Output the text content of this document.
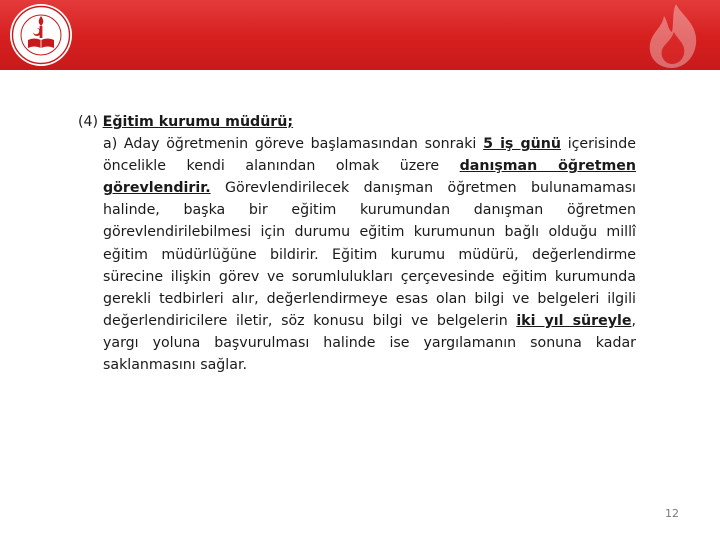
(4) Eğitim kurumu müdürü;

a) Aday öğretmenin göreve başlamasından sonraki 5 iş günü içerisinde öncelikle kendi alanından olmak üzere danışman öğretmen görevlendirir. Görevlendirilecek danışman öğretmen bulunamaması halinde, başka bir eğitim kurumundan danışman öğretmen görevlendirilebilmesi için durumu eğitim kurumunun bağlı olduğu millî eğitim müdürlüğüne bildirir. Eğitim kurumu müdürü, değerlendirme sürecine ilişkin görev ve sorumlulukları çerçevesinde eğitim kurumunda gerekli tedbirleri alır, değerlendirmeye esas olan bilgi ve belgeleri ilgili değerlendiricilere iletir, söz konusu bilgi ve belgelerin iki yıl süreyle, yargı yoluna başvurulması halinde ise yargılamanın sonuna kadar saklanmasını sağlar.

12
